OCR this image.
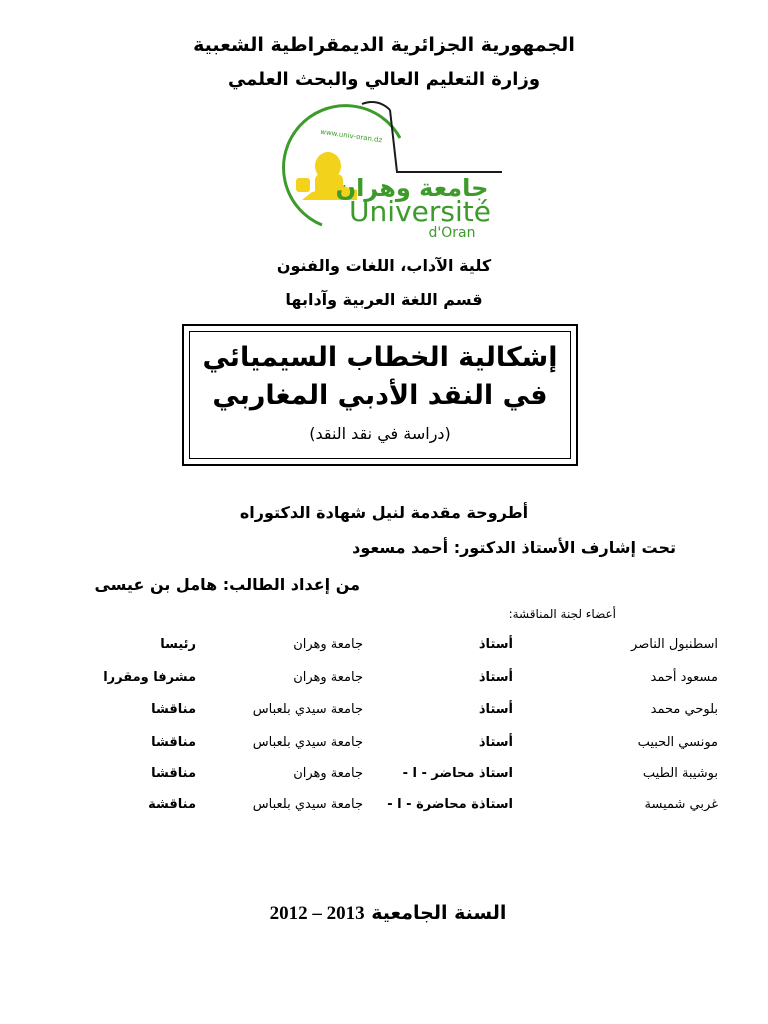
الجمهورية الجزائرية الديمقراطية الشعبية
وزارة التعليم العالي والبحث العلمي
www.univ-oran.dz
جامعة وهران
Université
d'Oran
كلية الآداب، اللغات والفنون
قسم اللغة العربية وآدابها
إشكالية الخطاب السيميائي
في النقد الأدبي المغاربي
(دراسة في نقد النقد)
أطروحة مقدمة لنيل شهادة الدكتوراه
تحت إشارف الأستاذ الدكتور: أحمد مسعود
من إعداد الطالب: هامل بن عيسى
أعضاء لجنة المناقشة:
اسطنبول الناصر
أستاذ
جامعة وهران
رئيسا
مسعود أحمد
أستاذ
جامعة وهران
مشرفا ومقررا
بلوحي محمد
أستاذ
جامعة سيدي بلعباس
مناقشا
مونسي الحبيب
أستاذ
جامعة سيدي بلعباس
مناقشا
بوشيبة الطيب
استاذ محاضر - ا -
جامعة وهران
مناقشا
غربي شميسة
استاذة محاضرة - ا -
جامعة سيدي بلعباس
مناقشة
2012 – 2013 السنة الجامعية
